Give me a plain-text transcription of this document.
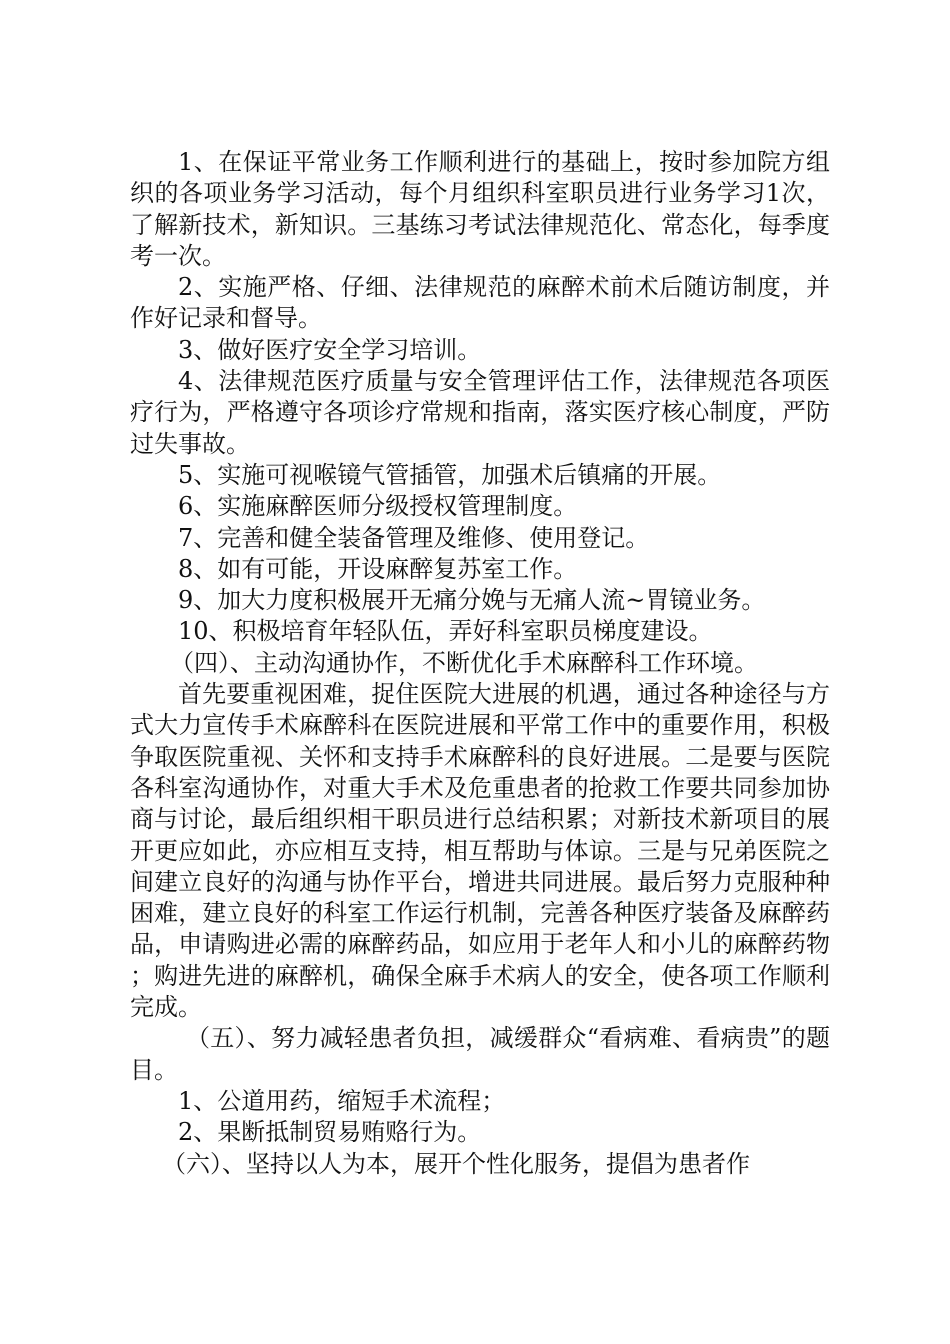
1、在保证平常业务工作顺利进行的基础上，按时参加院方组织的各项业务学习活动，每个月组织科室职员进行业务学习1次，了解新技术，新知识。三基练习考试法律规范化、常态化，每季度考一次。

2、实施严格、仔细、法律规范的麻醉术前术后随访制度，并作好记录和督导。

3、做好医疗安全学习培训。

4、法律规范医疗质量与安全管理评估工作，法律规范各项医疗行为，严格遵守各项诊疗常规和指南，落实医疗核心制度，严防过失事故。

5、实施可视喉镜气管插管，加强术后镇痛的开展。

6、实施麻醉医师分级授权管理制度。

7、完善和健全装备管理及维修、使用登记。

8、如有可能，开设麻醉复苏室工作。

9、加大力度积极展开无痛分娩与无痛人流~胃镜业务。

10、积极培育年轻队伍，弄好科室职员梯度建设。

（四）、主动沟通协作，不断优化手术麻醉科工作环境。

首先要重视困难，捉住医院大进展的机遇，通过各种途径与方式大力宣传手术麻醉科在医院进展和平常工作中的重要作用，积极争取医院重视、关怀和支持手术麻醉科的良好进展。二是要与医院各科室沟通协作，对重大手术及危重患者的抢救工作要共同参加协商与讨论，最后组织相干职员进行总结积累；对新技术新项目的展开更应如此，亦应相互支持，相互帮助与体谅。三是与兄弟医院之间建立良好的沟通与协作平台，增进共同进展。最后努力克服种种困难，建立良好的科室工作运行机制，完善各种医疗装备及麻醉药品，申请购进必需的麻醉药品，如应用于老年人和小儿的麻醉药物；购进先进的麻醉机，确保全麻手术病人的安全，使各项工作顺利完成。

（五）、努力减轻患者负担，减缓群众“看病难、看病贵”的题目。

1、公道用药，缩短手术流程；

2、果断抵制贸易贿赂行为。

（六）、坚持以人为本，展开个性化服务，提倡为患者作
